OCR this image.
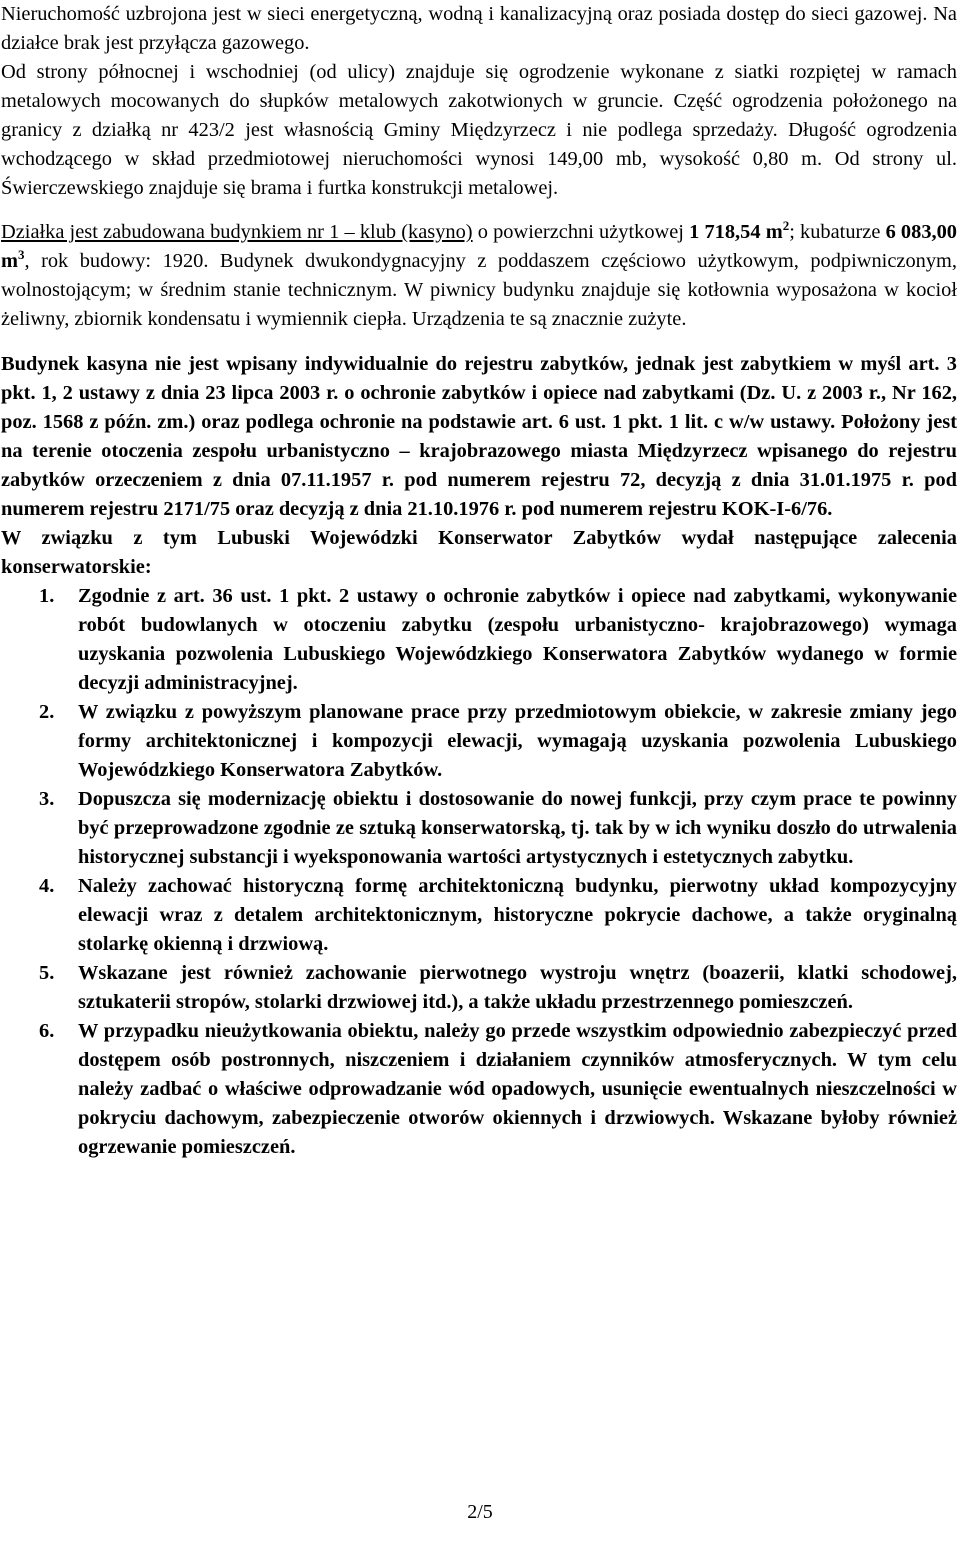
Nieruchomość uzbrojona jest w sieci energetyczną, wodną i kanalizacyjną oraz posiada dostęp do sieci gazowej. Na działce brak jest przyłącza gazowego.

Od strony północnej i wschodniej (od ulicy) znajduje się ogrodzenie wykonane z siatki rozpiętej w ramach metalowych mocowanych do słupków metalowych zakotwionych w gruncie. Część ogrodzenia położonego na granicy z działką nr 423/2 jest własnością Gminy Międzyrzecz i nie podlega sprzedaży. Długość ogrodzenia wchodzącego w skład przedmiotowej nieruchomości wynosi 149,00 mb, wysokość 0,80 m. Od strony ul. Świerczewskiego znajduje się brama i furtka konstrukcji metalowej.

Działka jest zabudowana budynkiem nr 1 – klub (kasyno) o powierzchni użytkowej 1 718,54 $m^2$; kubaturze 6 083,00 $m^3$, rok budowy: 1920. Budynek dwukondygnacyjny z poddaszem częściowo użytkowym, podpiwniczonym, wolnostojącym; w średnim stanie technicznym. W piwnicy budynku znajduje się kotłownia wyposażona w kocioł żeliwny, zbiornik kondensatu i wymiennik ciepła. Urządzenia te są znacznie zużyte.

Budynek kasyna nie jest wpisany indywidualnie do rejestru zabytków, jednak jest zabytkiem w myśl art. 3 pkt. 1, 2 ustawy z dnia 23 lipca 2003 r. o ochronie zabytków i opiece nad zabytkami (Dz. U. z 2003 r., Nr 162, poz. 1568 z późn. zm.) oraz podlega ochronie na podstawie art. 6 ust. 1 pkt. 1 lit. c w/w ustawy. Położony jest na terenie otoczenia zespołu urbanistyczno – krajobrazowego miasta Międzyrzecz wpisanego do rejestru zabytków orzeczeniem z dnia 07.11.1957 r. pod numerem rejestru 72, decyzją z dnia 31.01.1975 r. pod numerem rejestru 2171/75 oraz decyzją z dnia 21.10.1976 r. pod numerem rejestru KOK-I-6/76.

W związku z tym Lubuski Wojewódzki Konserwator Zabytków wydał następujące zalecenia konserwatorskie:

1. Zgodnie z art. 36 ust. 1 pkt. 2 ustawy o ochronie zabytków i opiece nad zabytkami, wykonywanie robót budowlanych w otoczeniu zabytku (zespołu urbanistyczno- krajobrazowego) wymaga uzyskania pozwolenia Lubuskiego Wojewódzkiego Konserwatora Zabytków wydanego w formie decyzji administracyjnej.
2. W związku z powyższym planowane prace przy przedmiotowym obiekcie, w zakresie zmiany jego formy architektonicznej i kompozycji elewacji, wymagają uzyskania pozwolenia Lubuskiego Wojewódzkiego Konserwatora Zabytków.
3. Dopuszcza się modernizację obiektu i dostosowanie do nowej funkcji, przy czym prace te powinny być przeprowadzone zgodnie ze sztuką konserwatorską, tj. tak by w ich wyniku doszło do utrwalenia historycznej substancji i wyeksponowania wartości artystycznych i estetycznych zabytku.
4. Należy zachować historyczną formę architektoniczną budynku, pierwotny układ kompozycyjny elewacji wraz z detalem architektonicznym, historyczne pokrycie dachowe, a także oryginalną stolarkę okienną i drzwiową.
5. Wskazane jest również zachowanie pierwotnego wystroju wnętrz (boazerii, klatki schodowej, sztukaterii stropów, stolarki drzwiowej itd.), a także układu przestrzennego pomieszczeń.
6. W przypadku nieużytkowania obiektu, należy go przede wszystkim odpowiednio zabezpieczyć przed dostępem osób postronnych, niszczeniem i działaniem czynników atmosferycznych. W tym celu należy zadbać o właściwe odprowadzanie wód opadowych, usunięcie ewentualnych nieszczelności w pokryciu dachowym, zabezpieczenie otworów okiennych i drzwiowych. Wskazane byłoby również ogrzewanie pomieszczeń.
2/5
